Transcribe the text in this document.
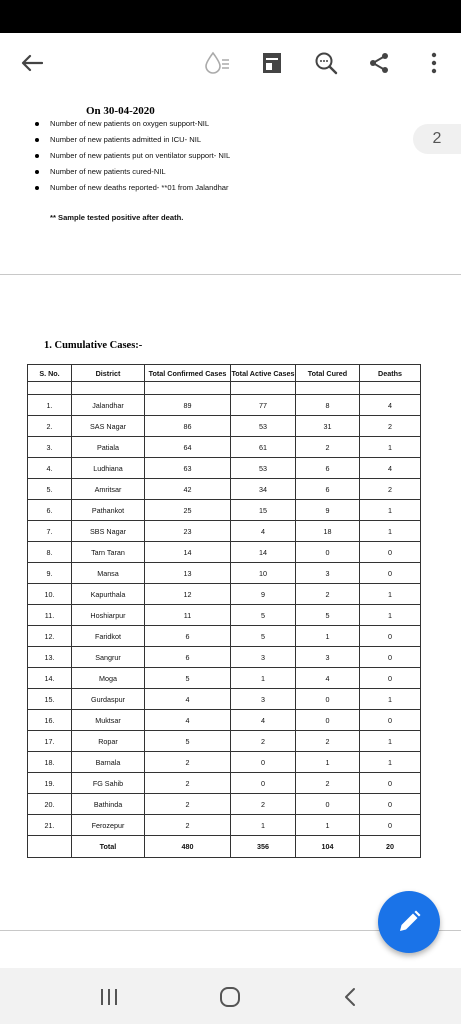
On 30-04-2020
Number of new patients on oxygen support-NIL
Number of new patients admitted in ICU- NIL
Number of new patients put on ventilator support- NIL
Number of new patients cured-NIL
Number of new deaths reported- **01 from Jalandhar
** Sample tested positive after death.
2
1. Cumulative Cases:-
S. No.	District	Total Confirmed Cases	Total Active Cases	Total Cured	Deaths

1.	Jalandhar	89	77	8	4
2.	SAS Nagar	86	53	31	2
3.	Patiala	64	61	2	1
4.	Ludhiana	63	53	6	4
5.	Amritsar	42	34	6	2
6.	Pathankot	25	15	9	1
7.	SBS Nagar	23	4	18	1
8.	Tarn Taran	14	14	0	0
9.	Mansa	13	10	3	0
10.	Kapurthala	12	9	2	1
11.	Hoshiarpur	11	5	5	1
12.	Faridkot	6	5	1	0
13.	Sangrur	6	3	3	0
14.	Moga	5	1	4	0
15.	Gurdaspur	4	3	0	1
16.	Muktsar	4	4	0	0
17.	Ropar	5	2	2	1
18.	Barnala	2	0	1	1
19.	FG Sahib	2	0	2	0
20.	Bathinda	2	2	0	0
21.	Ferozepur	2	1	1	0
	Total	480	356	104	20
